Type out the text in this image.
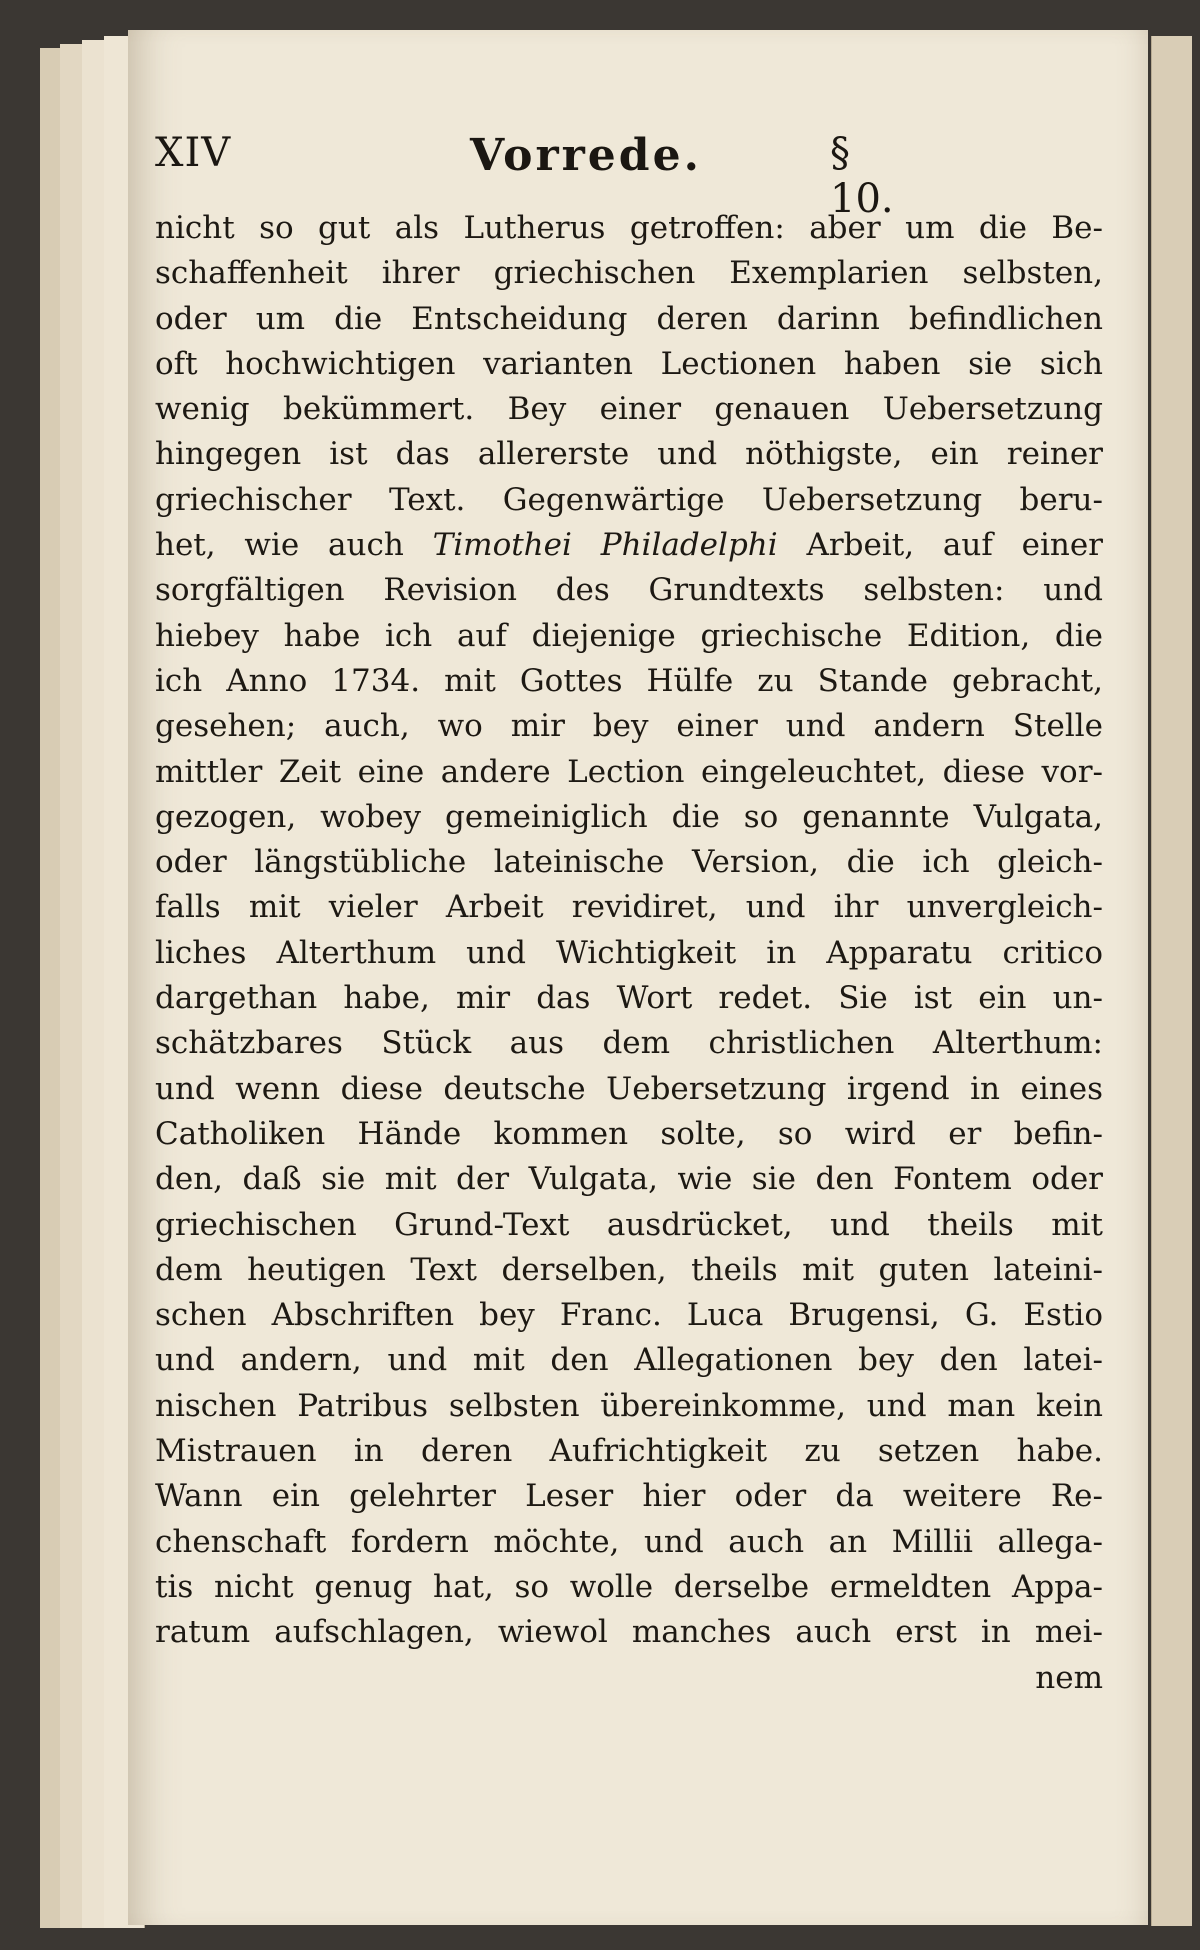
XIV	Vorrede.	§ 10.
nicht so gut als Lutherus getroffen: aber um die Be-
schaffenheit ihrer griechischen Exemplarien selbsten,
oder um die Entscheidung deren darinn befindlichen
oft hochwichtigen varianten Lectionen haben sie sich
wenig bekümmert. Bey einer genauen Uebersetzung
hingegen ist das allererste und nöthigste, ein reiner
griechischer Text. Gegenwärtige Uebersetzung beru-
het, wie auch Timothei Philadelphi Arbeit, auf einer
sorgfältigen Revision des Grundtexts selbsten: und
hiebey habe ich auf diejenige griechische Edition, die
ich Anno 1734. mit Gottes Hülfe zu Stande gebracht,
gesehen; auch, wo mir bey einer und andern Stelle
mittler Zeit eine andere Lection eingeleuchtet, diese vor-
gezogen, wobey gemeiniglich die so genannte Vulgata,
oder längstübliche lateinische Version, die ich gleich-
falls mit vieler Arbeit revidiret, und ihr unvergleich-
liches Alterthum und Wichtigkeit in Apparatu critico
dargethan habe, mir das Wort redet. Sie ist ein un-
schätzbares Stück aus dem christlichen Alterthum:
und wenn diese deutsche Uebersetzung irgend in eines
Catholiken Hände kommen solte, so wird er befin-
den, daß sie mit der Vulgata, wie sie den Fontem oder
griechischen Grund-Text ausdrücket, und theils mit
dem heutigen Text derselben, theils mit guten lateini-
schen Abschriften bey Franc. Luca Brugensi, G. Estio
und andern, und mit den Allegationen bey den latei-
nischen Patribus selbsten übereinkomme, und man kein
Mistrauen in deren Aufrichtigkeit zu setzen habe.
Wann ein gelehrter Leser hier oder da weitere Re-
chenschaft fordern möchte, und auch an Millii allega-
tis nicht genug hat, so wolle derselbe ermeldten Appa-
ratum aufschlagen, wiewol manches auch erst in mei-
nem
